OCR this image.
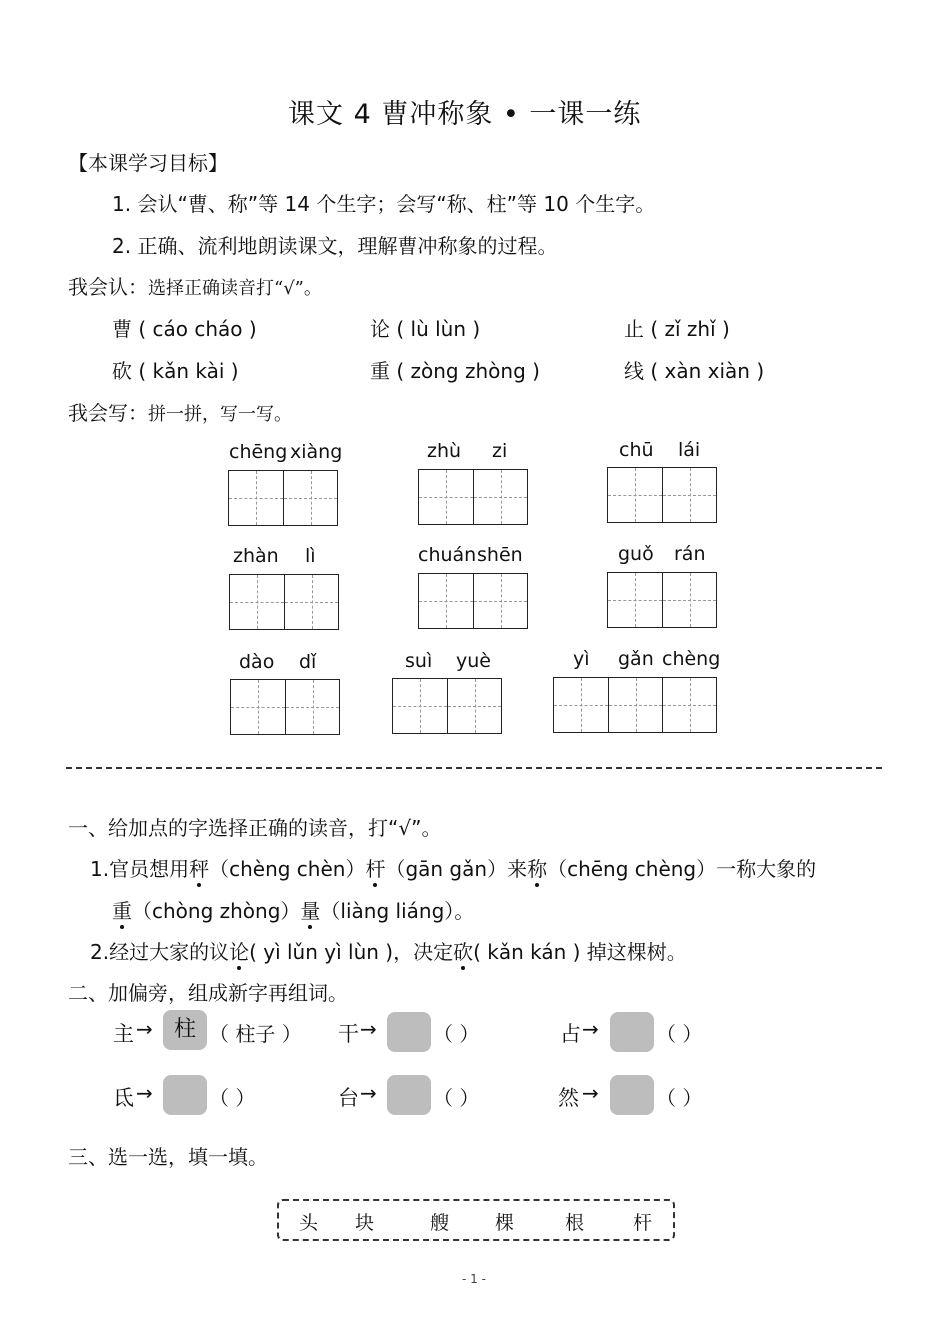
课文 4 曹冲称象 • 一课一练
【本课学习目标】
1. 会认“曹、称”等 14 个生字；会写“称、柱”等 10 个生字。
2. 正确、流利地朗读课文，理解曹冲称象的过程。
我会认：选择正确读音打“√”。
曹 ( cáo cháo )	论 ( lù lùn )	止 ( zǐ zhǐ )
砍 ( kǎn kài )	重 ( zòng zhòng )	线 ( xàn xiàn )
我会写：拼一拼，写一写。
chēng xiàng	zhù zi	chū lái
zhàn lì	chuán shēn	guǒ rán
dào dǐ	suì yuè	yì gǎn chèng
一、给加点的字选择正确的读音，打“√”。
1.官员想用秤（chèng chèn）杆（gān gǎn）来称（chēng chèng）一称大象的
重（chòng zhòng）量（liàng liáng）。
2.经过大家的议论( yì lǔn yì lùn )，决定砍( kǎn kán ) 掉这棵树。
二、加偏旁，组成新字再组词。
主 → 柱 （ 柱子 ） 干 →	（ ）	占 →	（ ）
氐 →	（ ）	台 →	（ ）	然 →	（ ）
三、选一选，填一填。
头 块	艘 棵	根	杆
- 1 -
